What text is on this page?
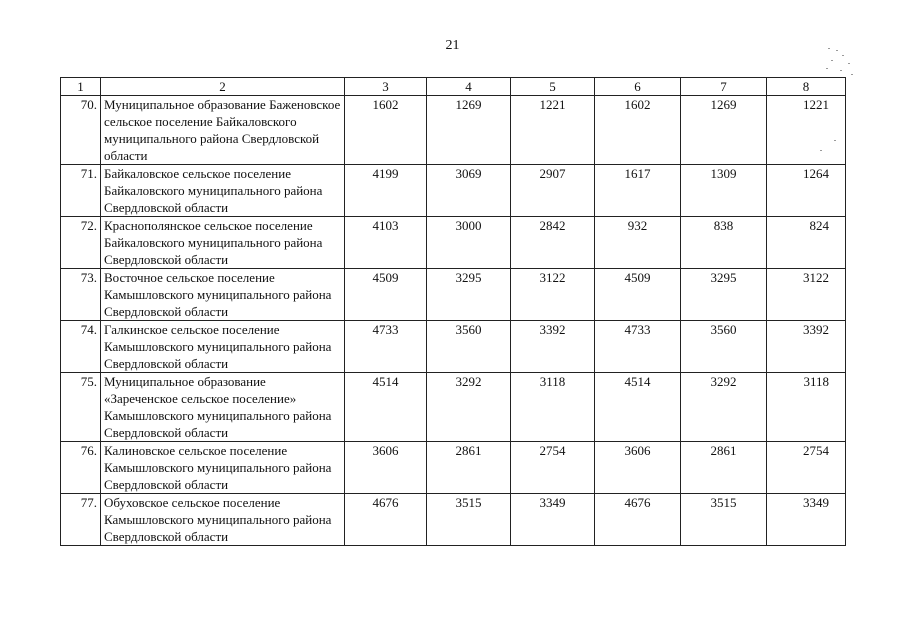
21
1	2	3	4	5	6	7	8
70.	Муниципальное образование Баженовское сельское поселение Байкаловского муниципального района Свердловской области	1602	1269	1221	1602	1269	1221
71.	Байкаловское сельское поселение Байкаловского муниципального района Свердловской области	4199	3069	2907	1617	1309	1264
72.	Краснополянское сельское поселение Байкаловского муниципального района Свердловской области	4103	3000	2842	932	838	824
73.	Восточное сельское поселение Камышловского муниципального района Свердловской области	4509	3295	3122	4509	3295	3122
74.	Галкинское сельское поселение Камышловского муниципального района Свердловской области	4733	3560	3392	4733	3560	3392
75.	Муниципальное образование «Зареченское сельское поселение» Камышловского муниципального района Свердловской области	4514	3292	3118	4514	3292	3118
76.	Калиновское сельское поселение Камышловского муниципального района Свердловской области	3606	2861	2754	3606	2861	2754
77.	Обуховское сельское поселение Камышловского муниципального района Свердловской области	4676	3515	3349	4676	3515	3349
